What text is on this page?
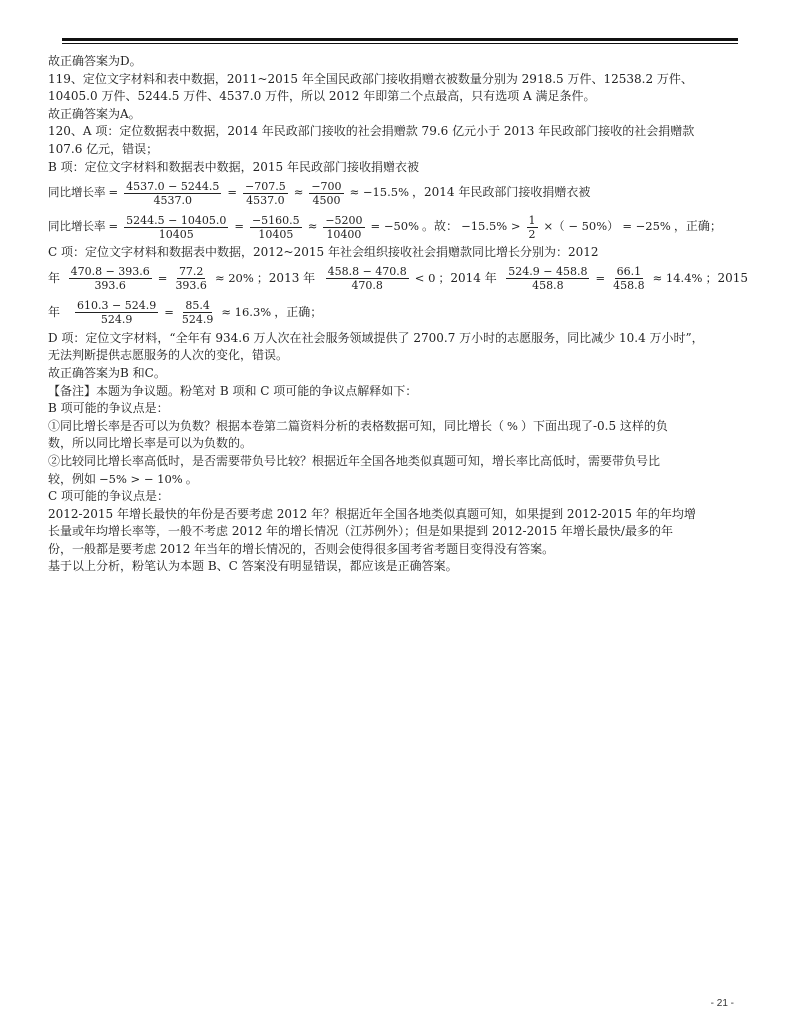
故正确答案为D。
119、定位文字材料和表中数据，2011~2015 年全国民政部门接收捐赠衣被数量分别为 2918.5 万件、12538.2 万件、
10405.0 万件、5244.5 万件、4537.0 万件，所以 2012 年即第二个点最高，只有选项 A 满足条件。
故正确答案为A。
120、A 项：定位数据表中数据，2014 年民政部门接收的社会捐赠款 79.6 亿元小于 2013 年民政部门接收的社会捐赠款
107.6 亿元，错误；
B 项：定位文字材料和数据表中数据，2015 年民政部门接收捐赠衣被
同比增长率 = $\frac{4537.0 - 5244.5}{4537.0} = \frac{-707.5}{4537.0} \approx \frac{-700}{4500} \approx -15.5\%$ ，2014 年民政部门接收捐赠衣被
同比增长率 = $\frac{5244.5 - 10405.0}{10405} = \frac{-5160.5}{10405} \approx \frac{-5200}{10400} = -50\%$ 。故： $-15.5\% > \frac{1}{2}$ ×（ − 50%） = −25% ，正确；
C 项：定位文字材料和数据表中数据，2012~2015 年社会组织接收社会捐赠款同比增长分别为：2012
年 $\frac{470.8 - 393.6}{393.6} = \frac{77.2}{393.6} \approx 20\%$ ；2013 年 $\frac{458.8 - 470.8}{470.8} < 0$ ；2014 年 $\frac{524.9 - 458.8}{458.8} = \frac{66.1}{458.8} \approx 14.4\%$ ；2015
年 $\frac{610.3 - 524.9}{524.9} = \frac{85.4}{524.9} \approx 16.3\%$ ，正确；
D 项：定位文字材料，“全年有 934.6 万人次在社会服务领域提供了 2700.7 万小时的志愿服务，同比减少 10.4 万小时”，
无法判断提供志愿服务的人次的变化，错误。
故正确答案为B 和C。
【备注】本题为争议题。粉笔对 B 项和 C 项可能的争议点解释如下：
B 项可能的争议点是：
①同比增长率是否可以为负数？根据本卷第二篇资料分析的表格数据可知，同比增长（ % ）下面出现了-0.5 这样的负
数，所以同比增长率是可以为负数的。
②比较同比增长率高低时，是否需要带负号比较？根据近年全国各地类似真题可知，增长率比高低时，需要带负号比
较，例如 −5% > − 10% 。
C 项可能的争议点是：
2012-2015 年增长最快的年份是否要考虑 2012 年？根据近年全国各地类似真题可知，如果提到 2012-2015 年的年均增
长量或年均增长率等，一般不考虑 2012 年的增长情况（江苏例外）；但是如果提到 2012-2015 年增长最快/最多的年
份，一般都是要考虑 2012 年当年的增长情况的，否则会使得很多国考省考题目变得没有答案。
基于以上分析，粉笔认为本题 B、C 答案没有明显错误，都应该是正确答案。
- 21 -
